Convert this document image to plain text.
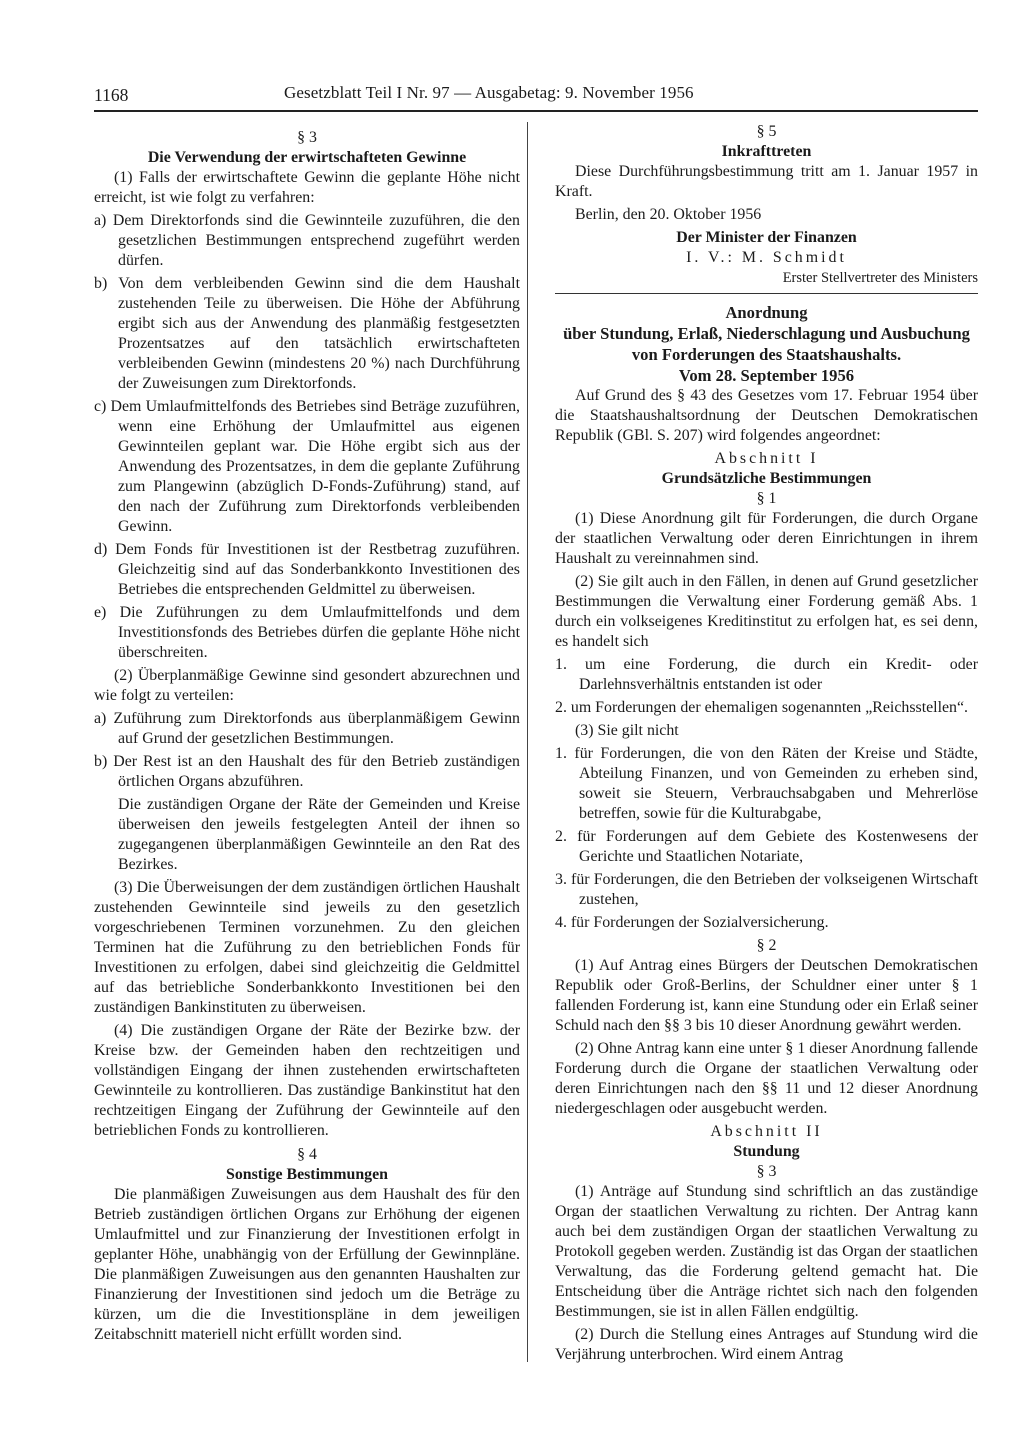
1168	Gesetzblatt Teil I Nr. 97 — Ausgabetag: 9. November 1956

§ 3

Die Verwendung der erwirtschafteten Gewinne

(1) Falls der erwirtschaftete Gewinn die geplante Höhe nicht erreicht, ist wie folgt zu verfahren:

a) Dem Direktorfonds sind die Gewinnteile zuzuführen, die den gesetzlichen Bestimmungen entsprechend zugeführt werden dürfen.

b) Von dem verbleibenden Gewinn sind die dem Haushalt zustehenden Teile zu überweisen. Die Höhe der Abführung ergibt sich aus der Anwendung des planmäßig festgesetzten Prozentsatzes auf den tatsächlich erwirtschafteten verbleibenden Gewinn (mindestens 20 %) nach Durchführung der Zuweisungen zum Direktorfonds.

c) Dem Umlaufmittelfonds des Betriebes sind Beträge zuzuführen, wenn eine Erhöhung der Umlaufmittel aus eigenen Gewinnteilen geplant war. Die Höhe ergibt sich aus der Anwendung des Prozentsatzes, in dem die geplante Zuführung zum Plangewinn (abzüglich D-Fonds-Zuführung) stand, auf den nach der Zuführung zum Direktorfonds verbleibenden Gewinn.

d) Dem Fonds für Investitionen ist der Restbetrag zuzuführen. Gleichzeitig sind auf das Sonderbankkonto Investitionen des Betriebes die entsprechenden Geldmittel zu überweisen.

e) Die Zuführungen zu dem Umlaufmittelfonds und dem Investitionsfonds des Betriebes dürfen die geplante Höhe nicht überschreiten.

(2) Überplanmäßige Gewinne sind gesondert abzurechnen und wie folgt zu verteilen:

a) Zuführung zum Direktorfonds aus überplanmäßigem Gewinn auf Grund der gesetzlichen Bestimmungen.

b) Der Rest ist an den Haushalt des für den Betrieb zuständigen örtlichen Organs abzuführen.

Die zuständigen Organe der Räte der Gemeinden und Kreise überweisen den jeweils festgelegten Anteil der ihnen so zugegangenen überplanmäßigen Gewinnteile an den Rat des Bezirkes.

(3) Die Überweisungen der dem zuständigen örtlichen Haushalt zustehenden Gewinnteile sind jeweils zu den gesetzlich vorgeschriebenen Terminen vorzunehmen. Zu den gleichen Terminen hat die Zuführung zu den betrieblichen Fonds für Investitionen zu erfolgen, dabei sind gleichzeitig die Geldmittel auf das betriebliche Sonderbankkonto Investitionen bei den zuständigen Bankinstituten zu überweisen.

(4) Die zuständigen Organe der Räte der Bezirke bzw. der Kreise bzw. der Gemeinden haben den rechtzeitigen und vollständigen Eingang der ihnen zustehenden erwirtschafteten Gewinnteile zu kontrollieren. Das zuständige Bankinstitut hat den rechtzeitigen Eingang der Zuführung der Gewinnteile auf den betrieblichen Fonds zu kontrollieren.

§ 4

Sonstige Bestimmungen

Die planmäßigen Zuweisungen aus dem Haushalt des für den Betrieb zuständigen örtlichen Organs zur Erhöhung der eigenen Umlaufmittel und zur Finanzierung der Investitionen erfolgt in geplanter Höhe, unabhängig von der Erfüllung der Gewinnpläne. Die planmäßigen Zuweisungen aus den genannten Haushalten zur Finanzierung der Investitionen sind jedoch um die Beträge zu kürzen, um die die Investitionspläne in dem jeweiligen Zeitabschnitt materiell nicht erfüllt worden sind.

§ 5

Inkrafttreten

Diese Durchführungsbestimmung tritt am 1. Januar 1957 in Kraft.

Berlin, den 20. Oktober 1956

Der Minister der Finanzen

I. V.: M. Schmidt

Erster Stellvertreter des Ministers

Anordnung

über Stundung, Erlaß, Niederschlagung und Ausbuchung von Forderungen des Staatshaushalts.

Vom 28. September 1956

Auf Grund des § 43 des Gesetzes vom 17. Februar 1954 über die Staatshaushaltsordnung der Deutschen Demokratischen Republik (GBl. S. 207) wird folgendes angeordnet:

Abschnitt I

Grundsätzliche Bestimmungen

§ 1

(1) Diese Anordnung gilt für Forderungen, die durch Organe der staatlichen Verwaltung oder deren Einrichtungen in ihrem Haushalt zu vereinnahmen sind.

(2) Sie gilt auch in den Fällen, in denen auf Grund gesetzlicher Bestimmungen die Verwaltung einer Forderung gemäß Abs. 1 durch ein volkseigenes Kreditinstitut zu erfolgen hat, es sei denn, es handelt sich

1. um eine Forderung, die durch ein Kredit- oder Darlehnsverhältnis entstanden ist oder

2. um Forderungen der ehemaligen sogenannten „Reichsstellen“.

(3) Sie gilt nicht

1. für Forderungen, die von den Räten der Kreise und Städte, Abteilung Finanzen, und von Gemeinden zu erheben sind, soweit sie Steuern, Verbrauchsabgaben und Mehrerlöse betreffen, sowie für die Kulturabgabe,

2. für Forderungen auf dem Gebiete des Kostenwesens der Gerichte und Staatlichen Notariate,

3. für Forderungen, die den Betrieben der volkseigenen Wirtschaft zustehen,

4. für Forderungen der Sozialversicherung.

§ 2

(1) Auf Antrag eines Bürgers der Deutschen Demokratischen Republik oder Groß-Berlins, der Schuldner einer unter § 1 fallenden Forderung ist, kann eine Stundung oder ein Erlaß seiner Schuld nach den §§ 3 bis 10 dieser Anordnung gewährt werden.

(2) Ohne Antrag kann eine unter § 1 dieser Anordnung fallende Forderung durch die Organe der staatlichen Verwaltung oder deren Einrichtungen nach den §§ 11 und 12 dieser Anordnung niedergeschlagen oder ausgebucht werden.

Abschnitt II

Stundung

§ 3

(1) Anträge auf Stundung sind schriftlich an das zuständige Organ der staatlichen Verwaltung zu richten. Der Antrag kann auch bei dem zuständigen Organ der staatlichen Verwaltung zu Protokoll gegeben werden. Zuständig ist das Organ der staatlichen Verwaltung, das die Forderung geltend gemacht hat. Die Entscheidung über die Anträge richtet sich nach den folgenden Bestimmungen, sie ist in allen Fällen endgültig.

(2) Durch die Stellung eines Antrages auf Stundung wird die Verjährung unterbrochen. Wird einem Antrag
